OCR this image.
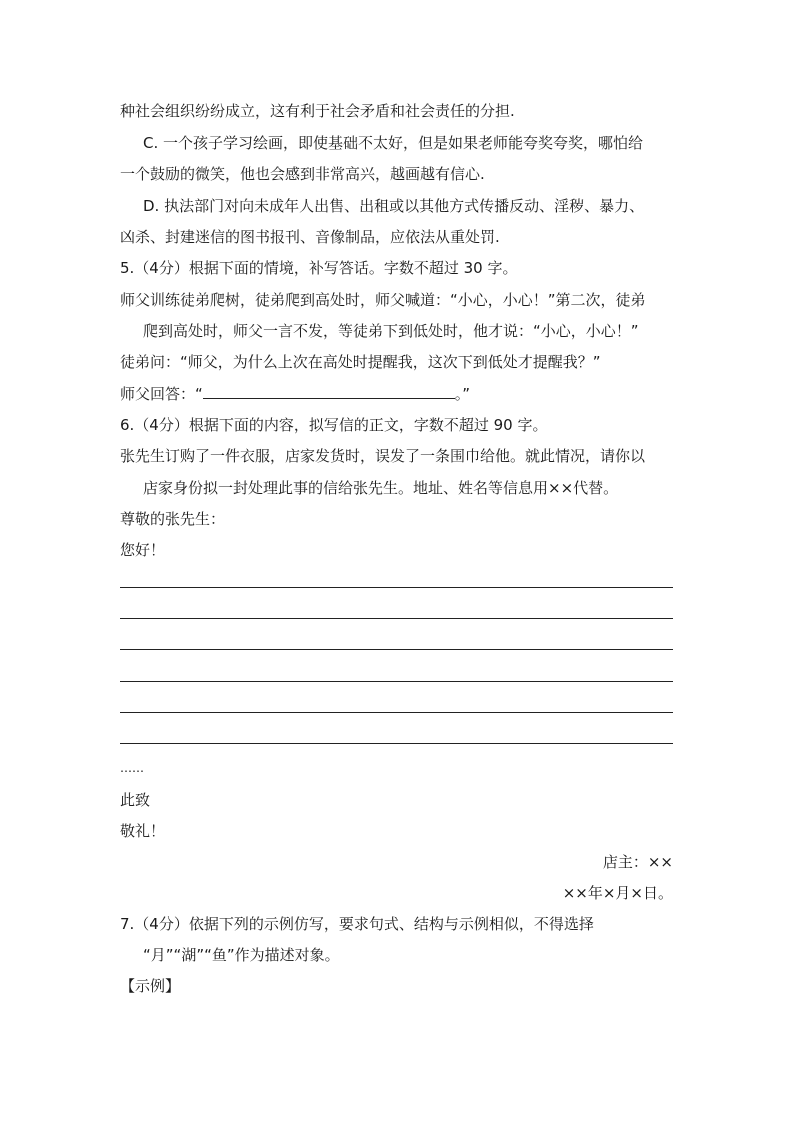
种社会组织纷纷成立，这有利于社会矛盾和社会责任的分担.
C. 一个孩子学习绘画，即使基础不太好，但是如果老师能夸奖夸奖，哪怕给
一个鼓励的微笑，他也会感到非常高兴，越画越有信心.
D. 执法部门对向未成年人出售、出租或以其他方式传播反动、淫秽、暴力、
凶杀、封建迷信的图书报刊、音像制品，应依法从重处罚.
5.（4分）根据下面的情境，补写答话。字数不超过 30 字。
师父训练徒弟爬树，徒弟爬到高处时，师父喊道：“小心，小心！”第二次，徒弟
爬到高处时，师父一言不发，等徒弟下到低处时，他才说：“小心，小心！”
徒弟问：“师父，为什么上次在高处时提醒我，这次下到低处才提醒我？”
师父回答：“	。”
6.（4分）根据下面的内容，拟写信的正文，字数不超过 90 字。
张先生订购了一件衣服，店家发货时，误发了一条围巾给他。就此情况，请你以
店家身份拟一封处理此事的信给张先生。地址、姓名等信息用××代替。
尊敬的张先生：
您好！
……
此致
敬礼！
店主：××
××年×月×日。
7.（4分）依据下列的示例仿写，要求句式、结构与示例相似，不得选择
“月”“湖”“鱼”作为描述对象。
【示例】
